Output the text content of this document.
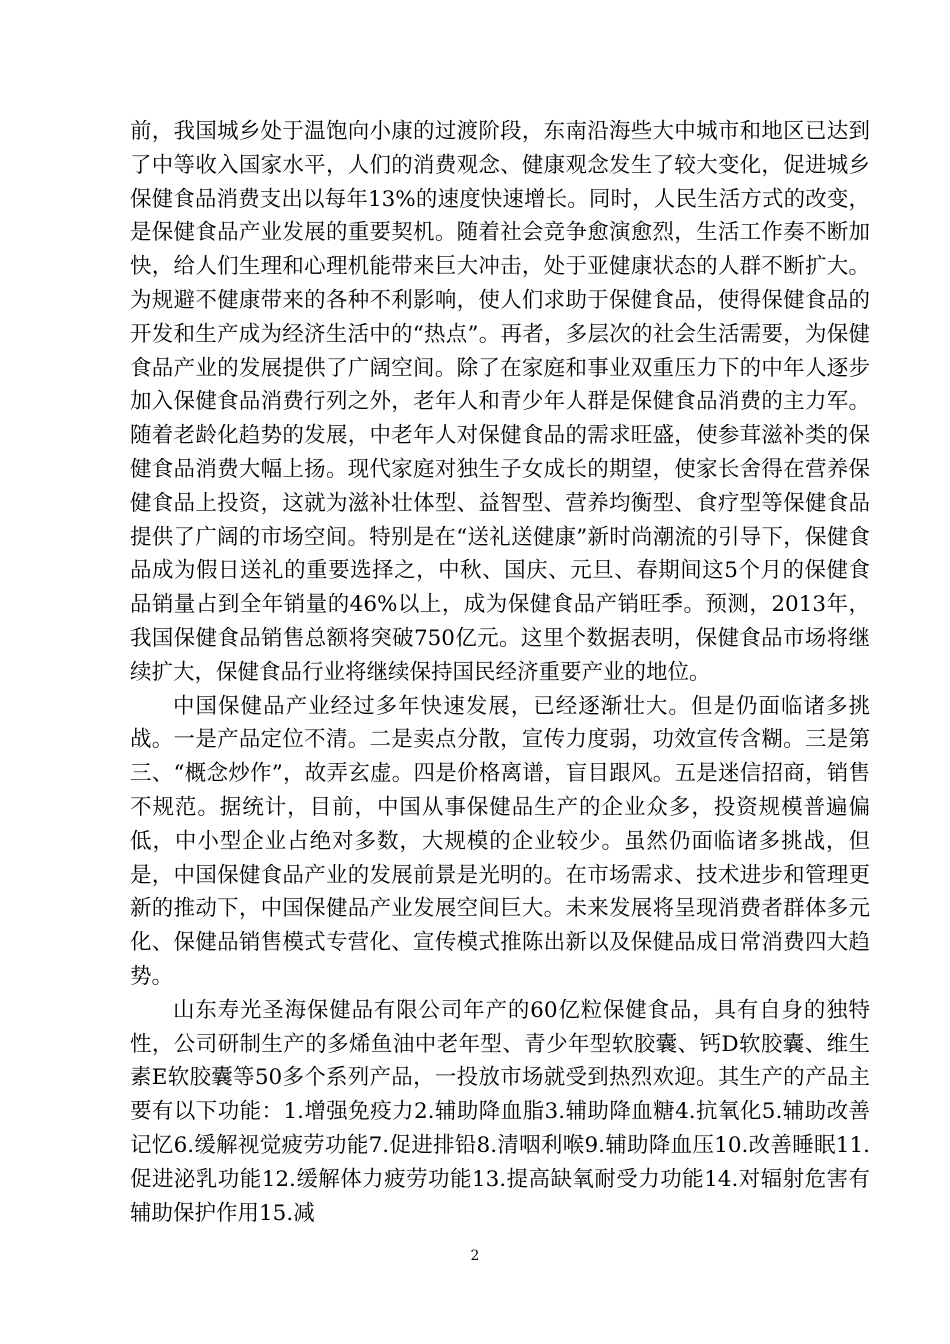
前，我国城乡处于温饱向小康的过渡阶段，东南沿海些大中城市和地区已达到了中等收入国家水平，人们的消费观念、健康观念发生了较大变化，促进城乡保健食品消费支出以每年13%的速度快速增长。同时，人民生活方式的改变，是保健食品产业发展的重要契机。随着社会竞争愈演愈烈，生活工作奏不断加快，给人们生理和心理机能带来巨大冲击，处于亚健康状态的人群不断扩大。为规避不健康带来的各种不利影响，使人们求助于保健食品，使得保健食品的开发和生产成为经济生活中的“热点”。再者，多层次的社会生活需要，为保健食品产业的发展提供了广阔空间。除了在家庭和事业双重压力下的中年人逐步加入保健食品消费行列之外，老年人和青少年人群是保健食品消费的主力军。随着老龄化趋势的发展，中老年人对保健食品的需求旺盛，使参茸滋补类的保健食品消费大幅上扬。现代家庭对独生子女成长的期望，使家长舍得在营养保健食品上投资，这就为滋补壮体型、益智型、营养均衡型、食疗型等保健食品提供了广阔的市场空间。特别是在“送礼送健康”新时尚潮流的引导下，保健食品成为假日送礼的重要选择之，中秋、国庆、元旦、春期间这5个月的保健食品销量占到全年销量的46%以上，成为保健食品产销旺季。预测，2013年，我国保健食品销售总额将突破750亿元。这里个数据表明，保健食品市场将继续扩大，保健食品行业将继续保持国民经济重要产业的地位。

中国保健品产业经过多年快速发展，已经逐渐壮大。但是仍面临诸多挑战。一是产品定位不清。二是卖点分散，宣传力度弱，功效宣传含糊。三是第三、“概念炒作”，故弄玄虚。四是价格离谱，盲目跟风。五是迷信招商，销售不规范。据统计，目前，中国从事保健品生产的企业众多，投资规模普遍偏低，中小型企业占绝对多数，大规模的企业较少。虽然仍面临诸多挑战，但是，中国保健食品产业的发展前景是光明的。在市场需求、技术进步和管理更新的推动下，中国保健品产业发展空间巨大。未来发展将呈现消费者群体多元化、保健品销售模式专营化、宣传模式推陈出新以及保健品成日常消费四大趋势。

山东寿光圣海保健品有限公司年产的60亿粒保健食品，具有自身的独特性，公司研制生产的多烯鱼油中老年型、青少年型软胶囊、钙D软胶囊、维生素E软胶囊等50多个系列产品，一投放市场就受到热烈欢迎。其生产的产品主要有以下功能：1.增强免疫力2.辅助降血脂3.辅助降血糖4.抗氧化5.辅助改善记忆6.缓解视觉疲劳功能7.促进排铅8.清咽利喉9.辅助降血压10.改善睡眠11.促进泌乳功能12.缓解体力疲劳功能13.提高缺氧耐受力功能14.对辐射危害有辅助保护作用15.减

2
